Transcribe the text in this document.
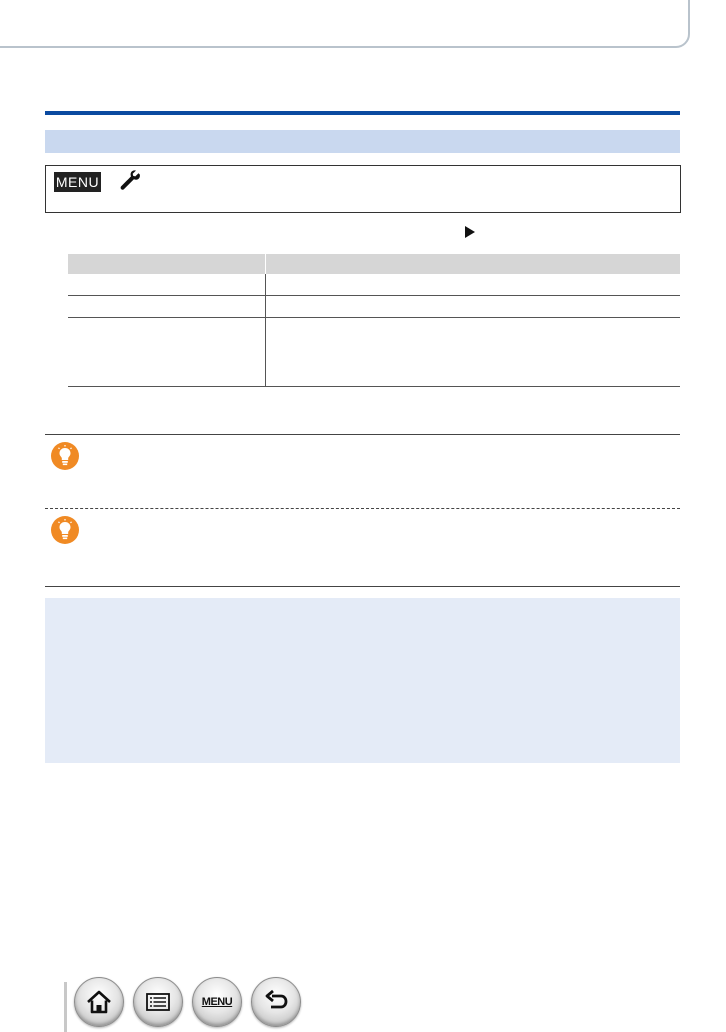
MENU
MENU
